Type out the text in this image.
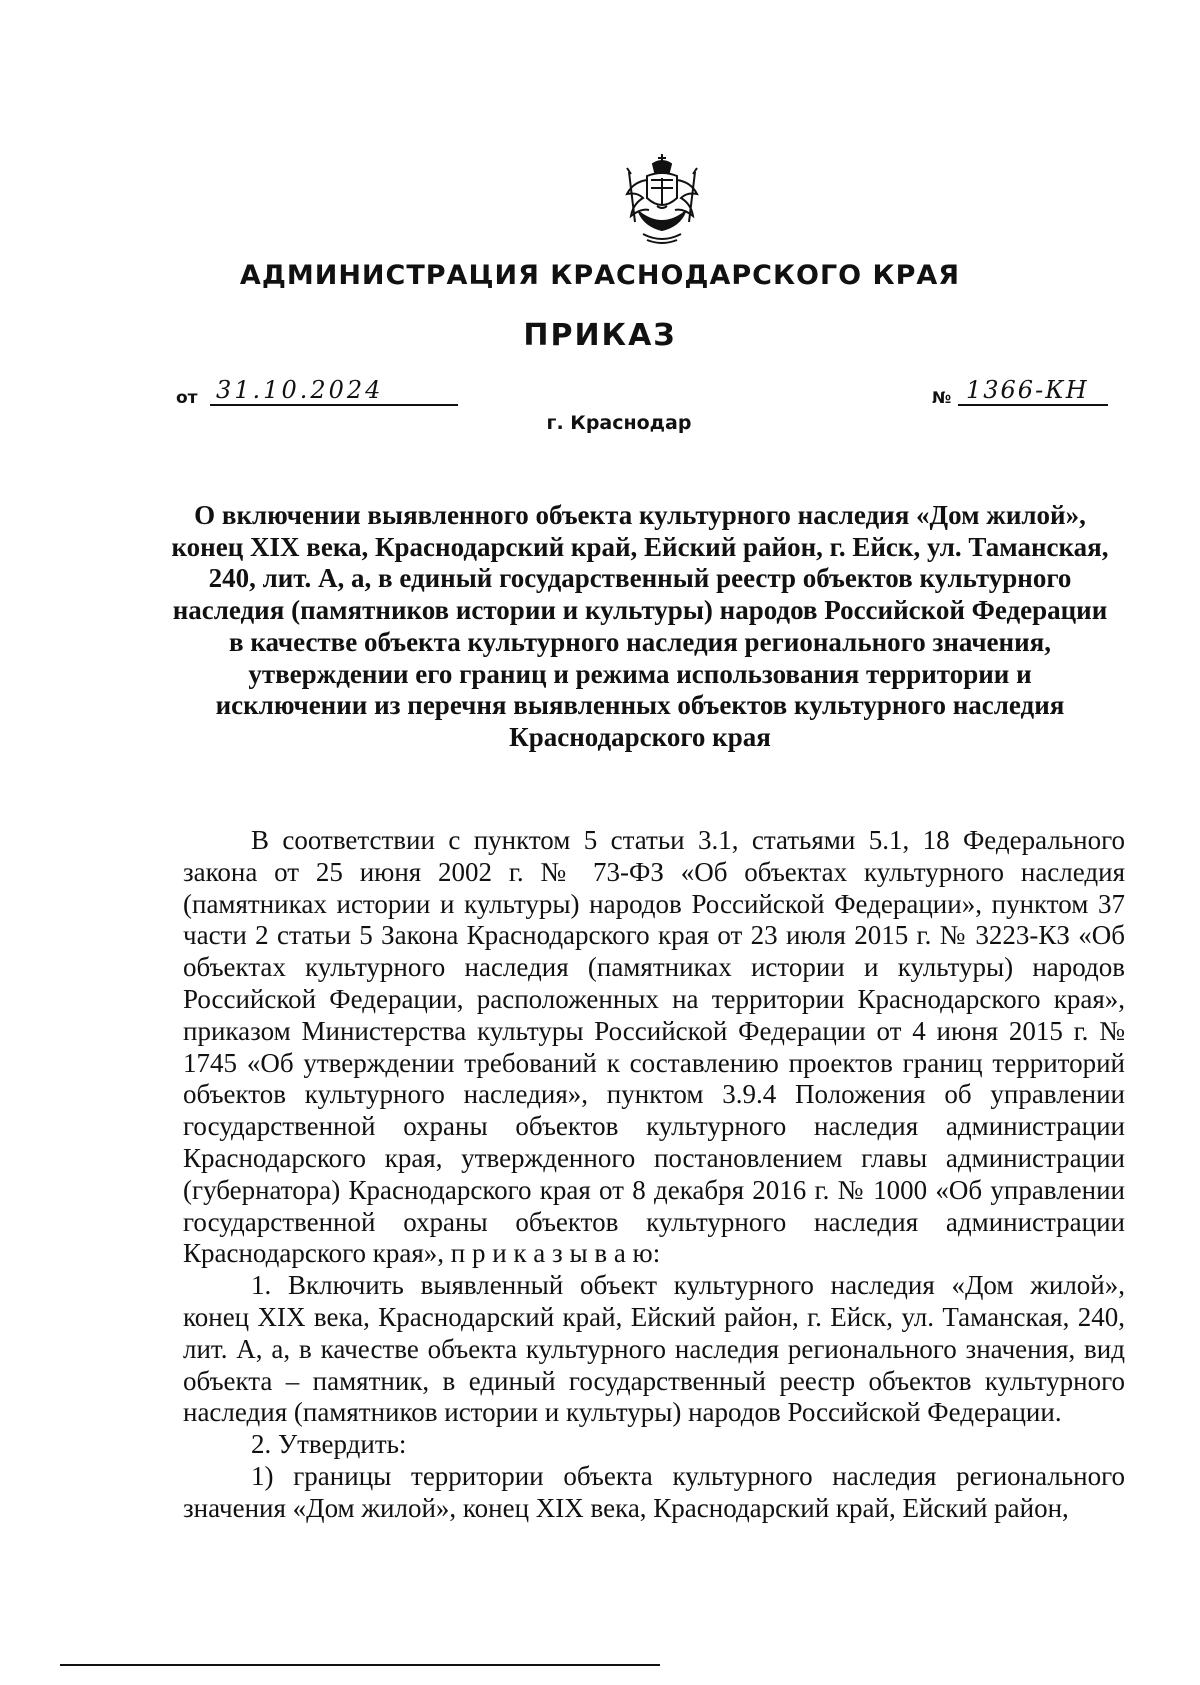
АДМИНИСТРАЦИЯ КРАСНОДАРСКОГО КРАЯ
ПРИКАЗ
от 31.10.2024	№ 1366-КН
г. Краснодар
О включении выявленного объекта культурного наследия «Дом жилой», конец XIX века, Краснодарский край, Ейский район, г. Ейск, ул. Таманская, 240, лит. А, а, в единый государственный реестр объектов культурного наследия (памятников истории и культуры) народов Российской Федерации в качестве объекта культурного наследия регионального значения, утверждении его границ и режима использования территории и исключении из перечня выявленных объектов культурного наследия Краснодарского края

В соответствии с пунктом 5 статьи 3.1, статьями 5.1, 18 Федерального закона от 25 июня 2002 г. № 73-ФЗ «Об объектах культурного наследия (памятниках истории и культуры) народов Российской Федерации», пунктом 37 части 2 статьи 5 Закона Краснодарского края от 23 июля 2015 г. № 3223-КЗ «Об объектах культурного наследия (памятниках истории и культуры) народов Российской Федерации, расположенных на территории Краснодарского края», приказом Министерства культуры Российской Федерации от 4 июня 2015 г. № 1745 «Об утверждении требований к составлению проектов границ территорий объектов культурного наследия», пунктом 3.9.4 Положения об управлении государственной охраны объектов культурного наследия администрации Краснодарского края, утвержденного постановлением главы администрации (губернатора) Краснодарского края от 8 декабря 2016 г. № 1000 «Об управлении государственной охраны объектов культурного наследия администрации Краснодарского края», п р и к а з ы в а ю:

1. Включить выявленный объект культурного наследия «Дом жилой», конец XIX века, Краснодарский край, Ейский район, г. Ейск, ул. Таманская, 240, лит. А, а, в качестве объекта культурного наследия регионального значения, вид объекта – памятник, в единый государственный реестр объектов культурного наследия (памятников истории и культуры) народов Российской Федерации.

2. Утвердить:

1) границы территории объекта культурного наследия регионального значения «Дом жилой», конец XIX века, Краснодарский край, Ейский район,
